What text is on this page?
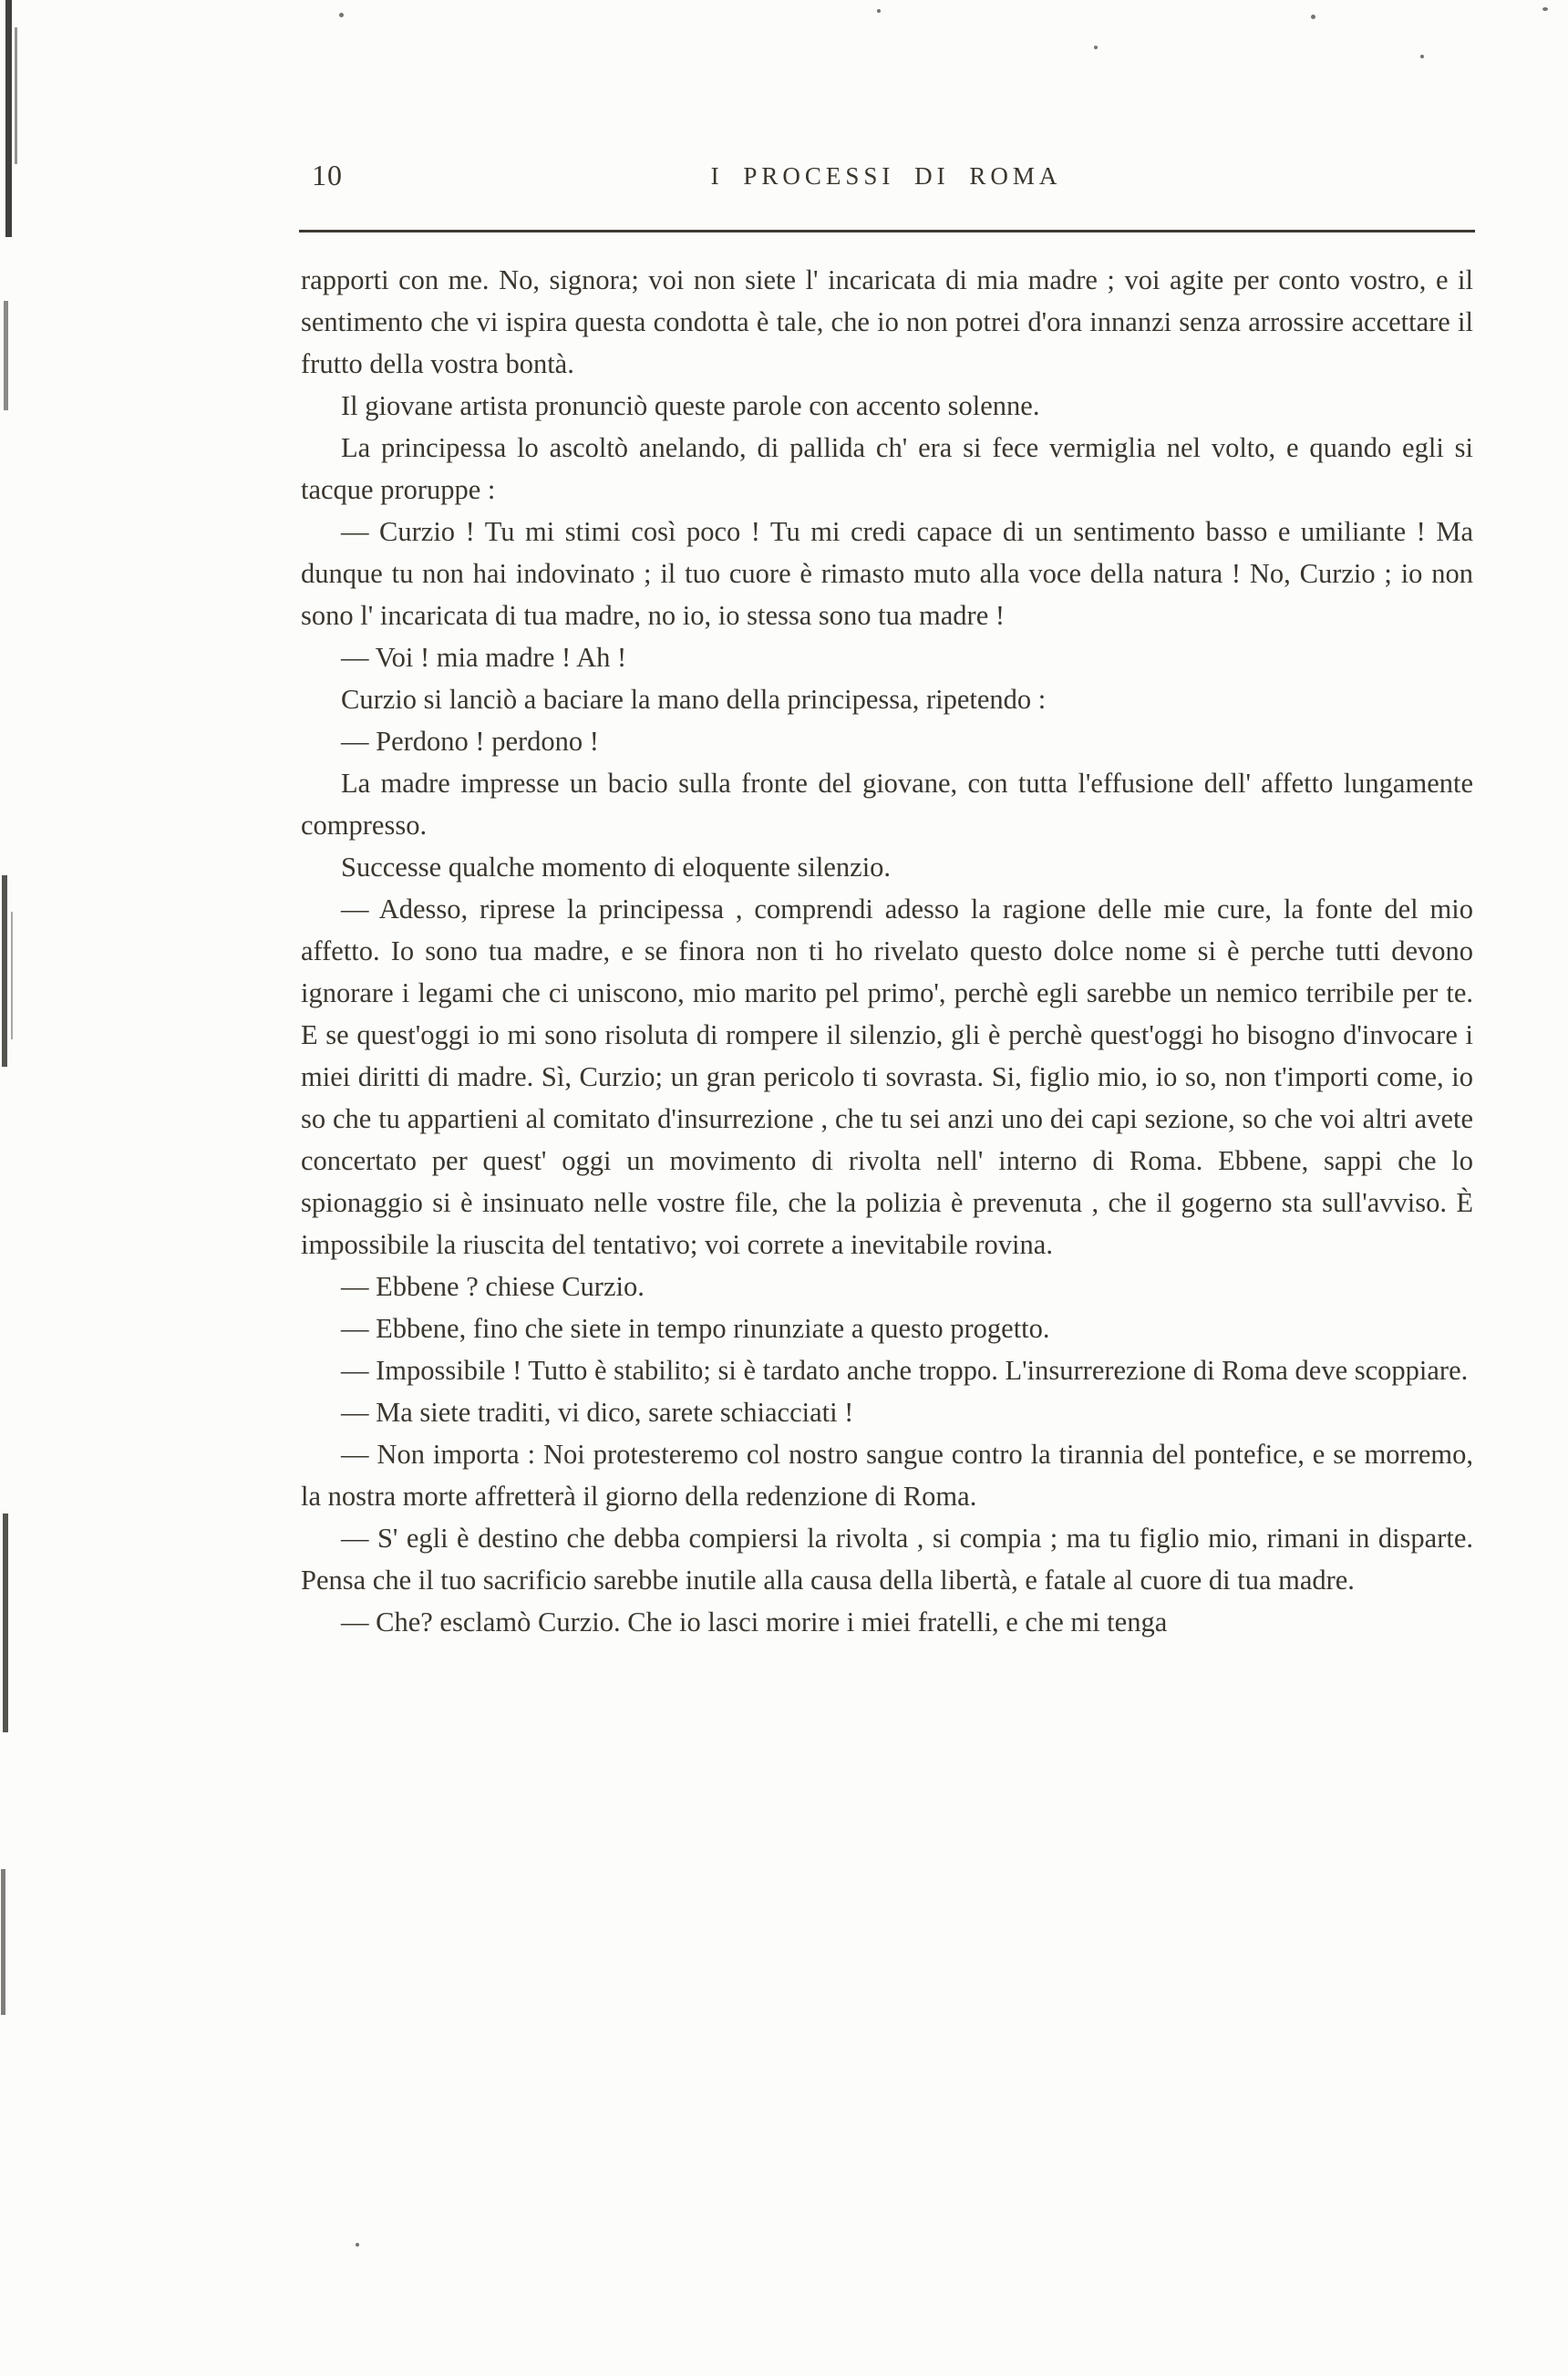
10	I PROCESSI DI ROMA

rapporti con me. No, signora; voi non siete l' incaricata di mia madre ; voi agite per conto vostro, e il sentimento che vi ispira questa condotta è tale, che io non potrei d'ora innanzi senza arrossire accettare il frutto della vostra bontà.

Il giovane artista pronunciò queste parole con accento solenne.

La principessa lo ascoltò anelando, di pallida ch' era si fece vermiglia nel volto, e quando egli si tacque proruppe :

— Curzio ! Tu mi stimi così poco ! Tu mi credi capace di un sentimento basso e umiliante ! Ma dunque tu non hai indovinato ; il tuo cuore è rimasto muto alla voce della natura ! No, Curzio ; io non sono l' incaricata di tua madre, no io, io stessa sono tua madre !

— Voi ! mia madre ! Ah !

Curzio si lanciò a baciare la mano della principessa, ripetendo :

— Perdono ! perdono !

La madre impresse un bacio sulla fronte del giovane, con tutta l'effusione dell' affetto lungamente compresso.

Successe qualche momento di eloquente silenzio.

— Adesso, riprese la principessa , comprendi adesso la ragione delle mie cure, la fonte del mio affetto. Io sono tua madre, e se finora non ti ho rivelato questo dolce nome si è perche tutti devono ignorare i legami che ci uniscono, mio marito pel primo', perchè egli sarebbe un nemico terribile per te. E se quest'oggi io mi sono risoluta di rompere il silenzio, gli è perchè quest'oggi ho bisogno d'invocare i miei diritti di madre. Sì, Curzio; un gran pericolo ti sovrasta. Si, figlio mio, io so, non t'importi come, io so che tu appartieni al comitato d'insurrezione , che tu sei anzi uno dei capi sezione, so che voi altri avete concertato per quest' oggi un movimento di rivolta nell' interno di Roma. Ebbene, sappi che lo spionaggio si è insinuato nelle vostre file, che la polizia è prevenuta , che il gogerno sta sull'avviso. È impossibile la riuscita del tentativo; voi correte a inevitabile rovina.

— Ebbene ? chiese Curzio.

— Ebbene, fino che siete in tempo rinunziate a questo progetto.

— Impossibile ! Tutto è stabilito; si è tardato anche troppo. L'insurrerezione di Roma deve scoppiare.

— Ma siete traditi, vi dico, sarete schiacciati !

— Non importa : Noi protesteremo col nostro sangue contro la tirannia del pontefice, e se morremo, la nostra morte affretterà il giorno della redenzione di Roma.

— S' egli è destino che debba compiersi la rivolta , si compia ; ma tu figlio mio, rimani in disparte. Pensa che il tuo sacrificio sarebbe inutile alla causa della libertà, e fatale al cuore di tua madre.

— Che? esclamò Curzio. Che io lasci morire i miei fratelli, e che mi tenga
